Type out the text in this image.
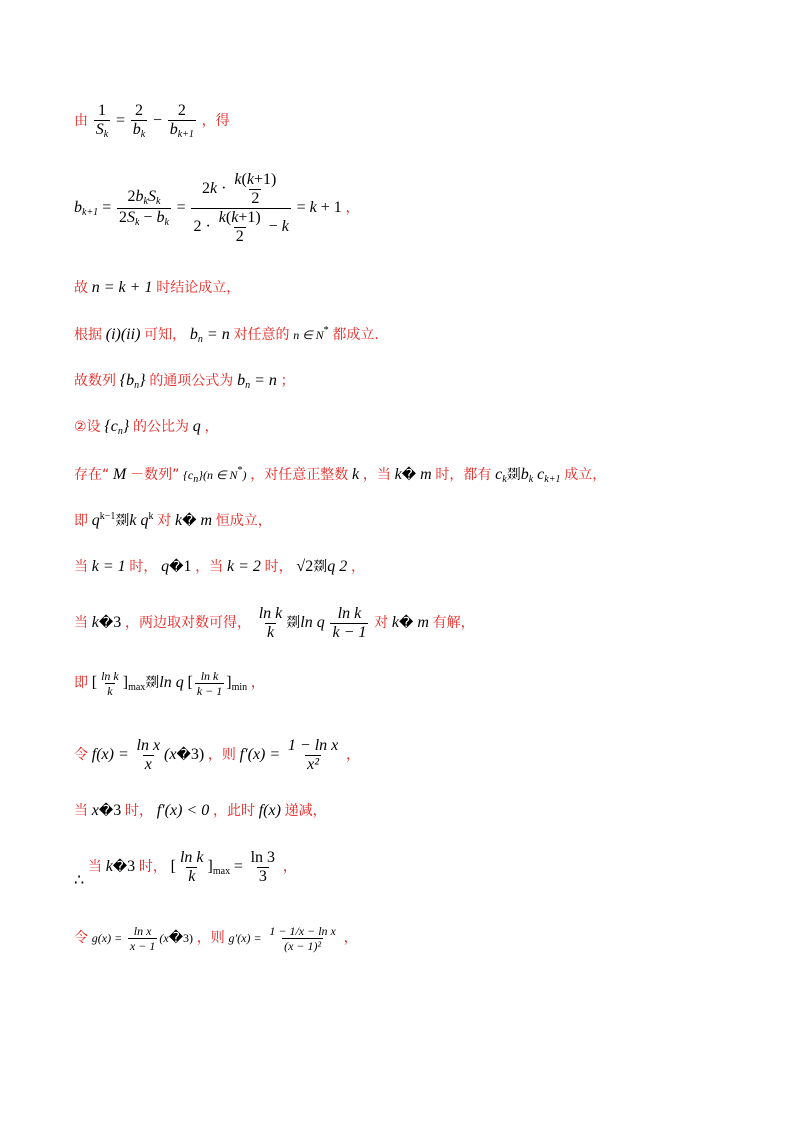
由 $\frac{1}{S_k} = \frac{2}{b_k} - \frac{2}{b_{k+1}}$ ，得
$b_{k+1} = \frac{2b_kS_k}{2S_k - b_k} = \frac{2k \cdot \frac{k(k+1)}{2}}{2 \cdot \frac{k(k+1)}{2} - k} = k + 1$ ，
故 n = k + 1 时结论成立，
根据 (i)(ii) 可知， $b_n = n$ 对任意的 n ∈ N* 都成立.
故数列 $\{b_n\}$ 的通项公式为 $b_n = n$ ；
②设 $\{c_n\}$ 的公比为 q ，
存在“ M －数列” $\{c_n\}(n$ ∈ N*) ，对任意正整数 k ，当 k� m 时，都有 $c_k$剟$b_k$ $c_{k+1}$ 成立，
即 $q^{k-1}$剟k $q^k$ 对 k� m 恒成立，
当 k = 1 时， q�1 ，当 k = 2 时， √2剟q 2 ，
当 k�3 ，两边取对数可得， $\frac{\text{ln k}}{k}$ 剟ln q $\frac{\text{ln k}}{k - 1}$ 对 k� m 有解，
即 [ $\frac{\text{ln k}}{k} ]_{max}$剟ln q [ $\frac{\text{ln k}}{k - 1} ]_{min}$ ，
令 $f(x) = \frac{\text{ln x}}{x}$ (x�3) ，则 $f'(x) = \frac{\text{1 − ln x}}{\text{x²}}$ ，
当 x�3 时， f′(x) < 0 ，此时 f(x) 递减，
∴ 当 k�3 时， [ $\frac{\text{ln k}}{k} ]_{max} = \frac{\ln 3}{3}$ ，
令 $g(x) = \frac{\text{ln x}}{x - 1}$ (x�3) ，则 $g'(x) = \frac{\text{1 − 1/x − ln x}}{\text{(x − 1)²}}$ ，
